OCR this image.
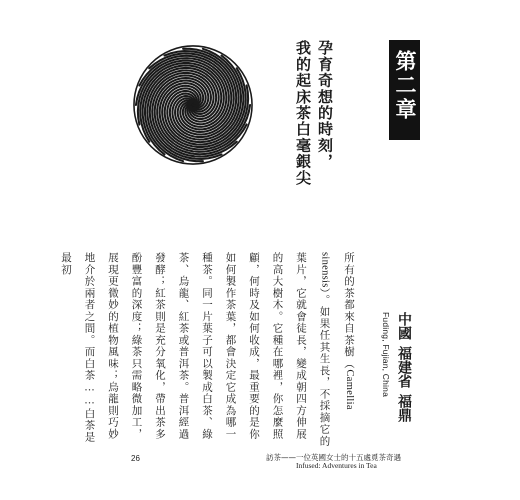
第二章
中國福建省福鼎
Fuding, Fujian, China
孕育奇想的時刻，
我的起床茶白毫銀尖
所有的茶都來自茶樹（Camellia sinensis）。如果任其生長，不採摘它的葉片，它就會徒長，變成朝四方伸展的高大樹木。它種在哪裡，你怎麼照顧，何時及如何收成，最重要的是你如何製作茶葉，都會決定它成為哪一種茶。同一片葉子可以製成白茶、綠茶、烏龍、紅茶或普洱茶。普洱經過發酵；紅茶則是充分氧化，帶出茶多酚豐富的深度；綠茶只需略微加工，展現更微妙的植物風味；烏龍則巧妙地介於兩者之間。而白茶……白茶是最初
26	訪茶——一位英國女士的十五處覓茶奇遇
Infused: Adventures in Tea
